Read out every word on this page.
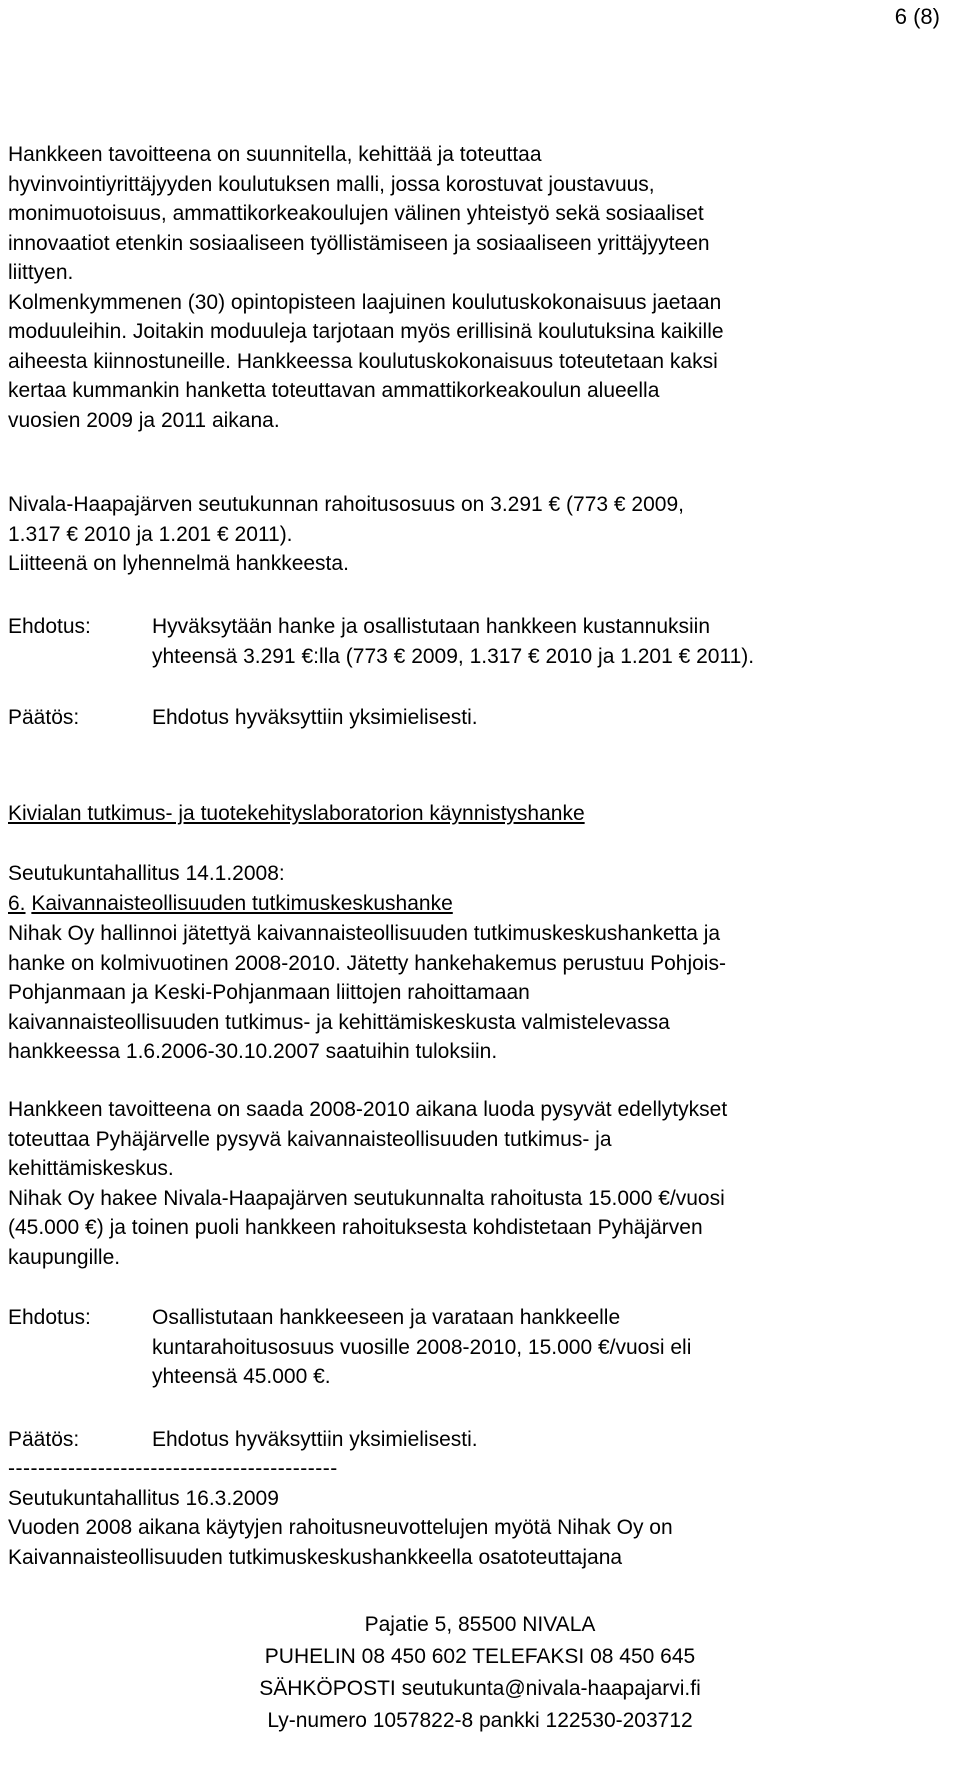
6 (8)
Hankkeen tavoitteena on suunnitella, kehittää ja toteuttaa
hyvinvointiyrittäjyyden koulutuksen malli, jossa korostuvat joustavuus,
monimuotoisuus, ammattikorkeakoulujen välinen yhteistyö sekä sosiaaliset
innovaatiot etenkin sosiaaliseen työllistämiseen ja sosiaaliseen yrittäjyyteen
liittyen.
Kolmenkymmenen (30) opintopisteen laajuinen koulutuskokonaisuus jaetaan
moduuleihin. Joitakin moduuleja tarjotaan myös erillisinä koulutuksina kaikille
aiheesta kiinnostuneille. Hankkeessa koulutuskokonaisuus toteutetaan kaksi
kertaa kummankin hanketta toteuttavan ammattikorkeakoulun alueella
vuosien 2009 ja 2011 aikana.
Nivala-Haapajärven seutukunnan rahoitusosuus on 3.291 € (773 € 2009,
1.317 € 2010 ja 1.201 € 2011).
Liitteenä on lyhennelmä hankkeesta.
Ehdotus:	Hyväksytään hanke ja osallistutaan hankkeen kustannuksiin
yhteensä 3.291 €:lla (773 € 2009, 1.317 € 2010 ja 1.201 € 2011).
Päätös:	Ehdotus hyväksyttiin yksimielisesti.
Kivialan tutkimus- ja tuotekehityslaboratorion käynnistyshanke
Seutukuntahallitus 14.1.2008:
6. Kaivannaisteollisuuden tutkimuskeskushanke
Nihak Oy hallinnoi jätettyä kaivannaisteollisuuden tutkimuskeskushanketta ja
hanke on kolmivuotinen 2008-2010. Jätetty hankehakemus perustuu Pohjois-
Pohjanmaan ja Keski-Pohjanmaan liittojen rahoittamaan
kaivannaisteollisuuden tutkimus- ja kehittämiskeskusta valmistelevassa
hankkeessa 1.6.2006-30.10.2007 saatuihin tuloksiin.
Hankkeen tavoitteena on saada 2008-2010 aikana luoda pysyvät edellytykset
toteuttaa Pyhäjärvelle pysyvä kaivannaisteollisuuden tutkimus- ja
kehittämiskeskus.
Nihak Oy hakee Nivala-Haapajärven seutukunnalta rahoitusta 15.000 €/vuosi
(45.000 €) ja toinen puoli hankkeen rahoituksesta kohdistetaan Pyhäjärven
kaupungille.
Ehdotus:	Osallistutaan hankkeeseen ja varataan hankkeelle
kuntarahoitusosuus vuosille 2008-2010, 15.000 €/vuosi eli
yhteensä 45.000 €.
Päätös:	Ehdotus hyväksyttiin yksimielisesti.
--------------------------------------------
Seutukuntahallitus 16.3.2009
Vuoden 2008 aikana käytyjen rahoitusneuvottelujen myötä Nihak Oy on
Kaivannaisteollisuuden tutkimuskeskushankkeella osatoteuttajana
Pajatie 5, 85500 NIVALA
PUHELIN 08 450 602 TELEFAKSI 08 450 645
SÄHKÖPOSTI seutukunta@nivala-haapajarvi.fi
Ly-numero 1057822-8 pankki 122530-203712
